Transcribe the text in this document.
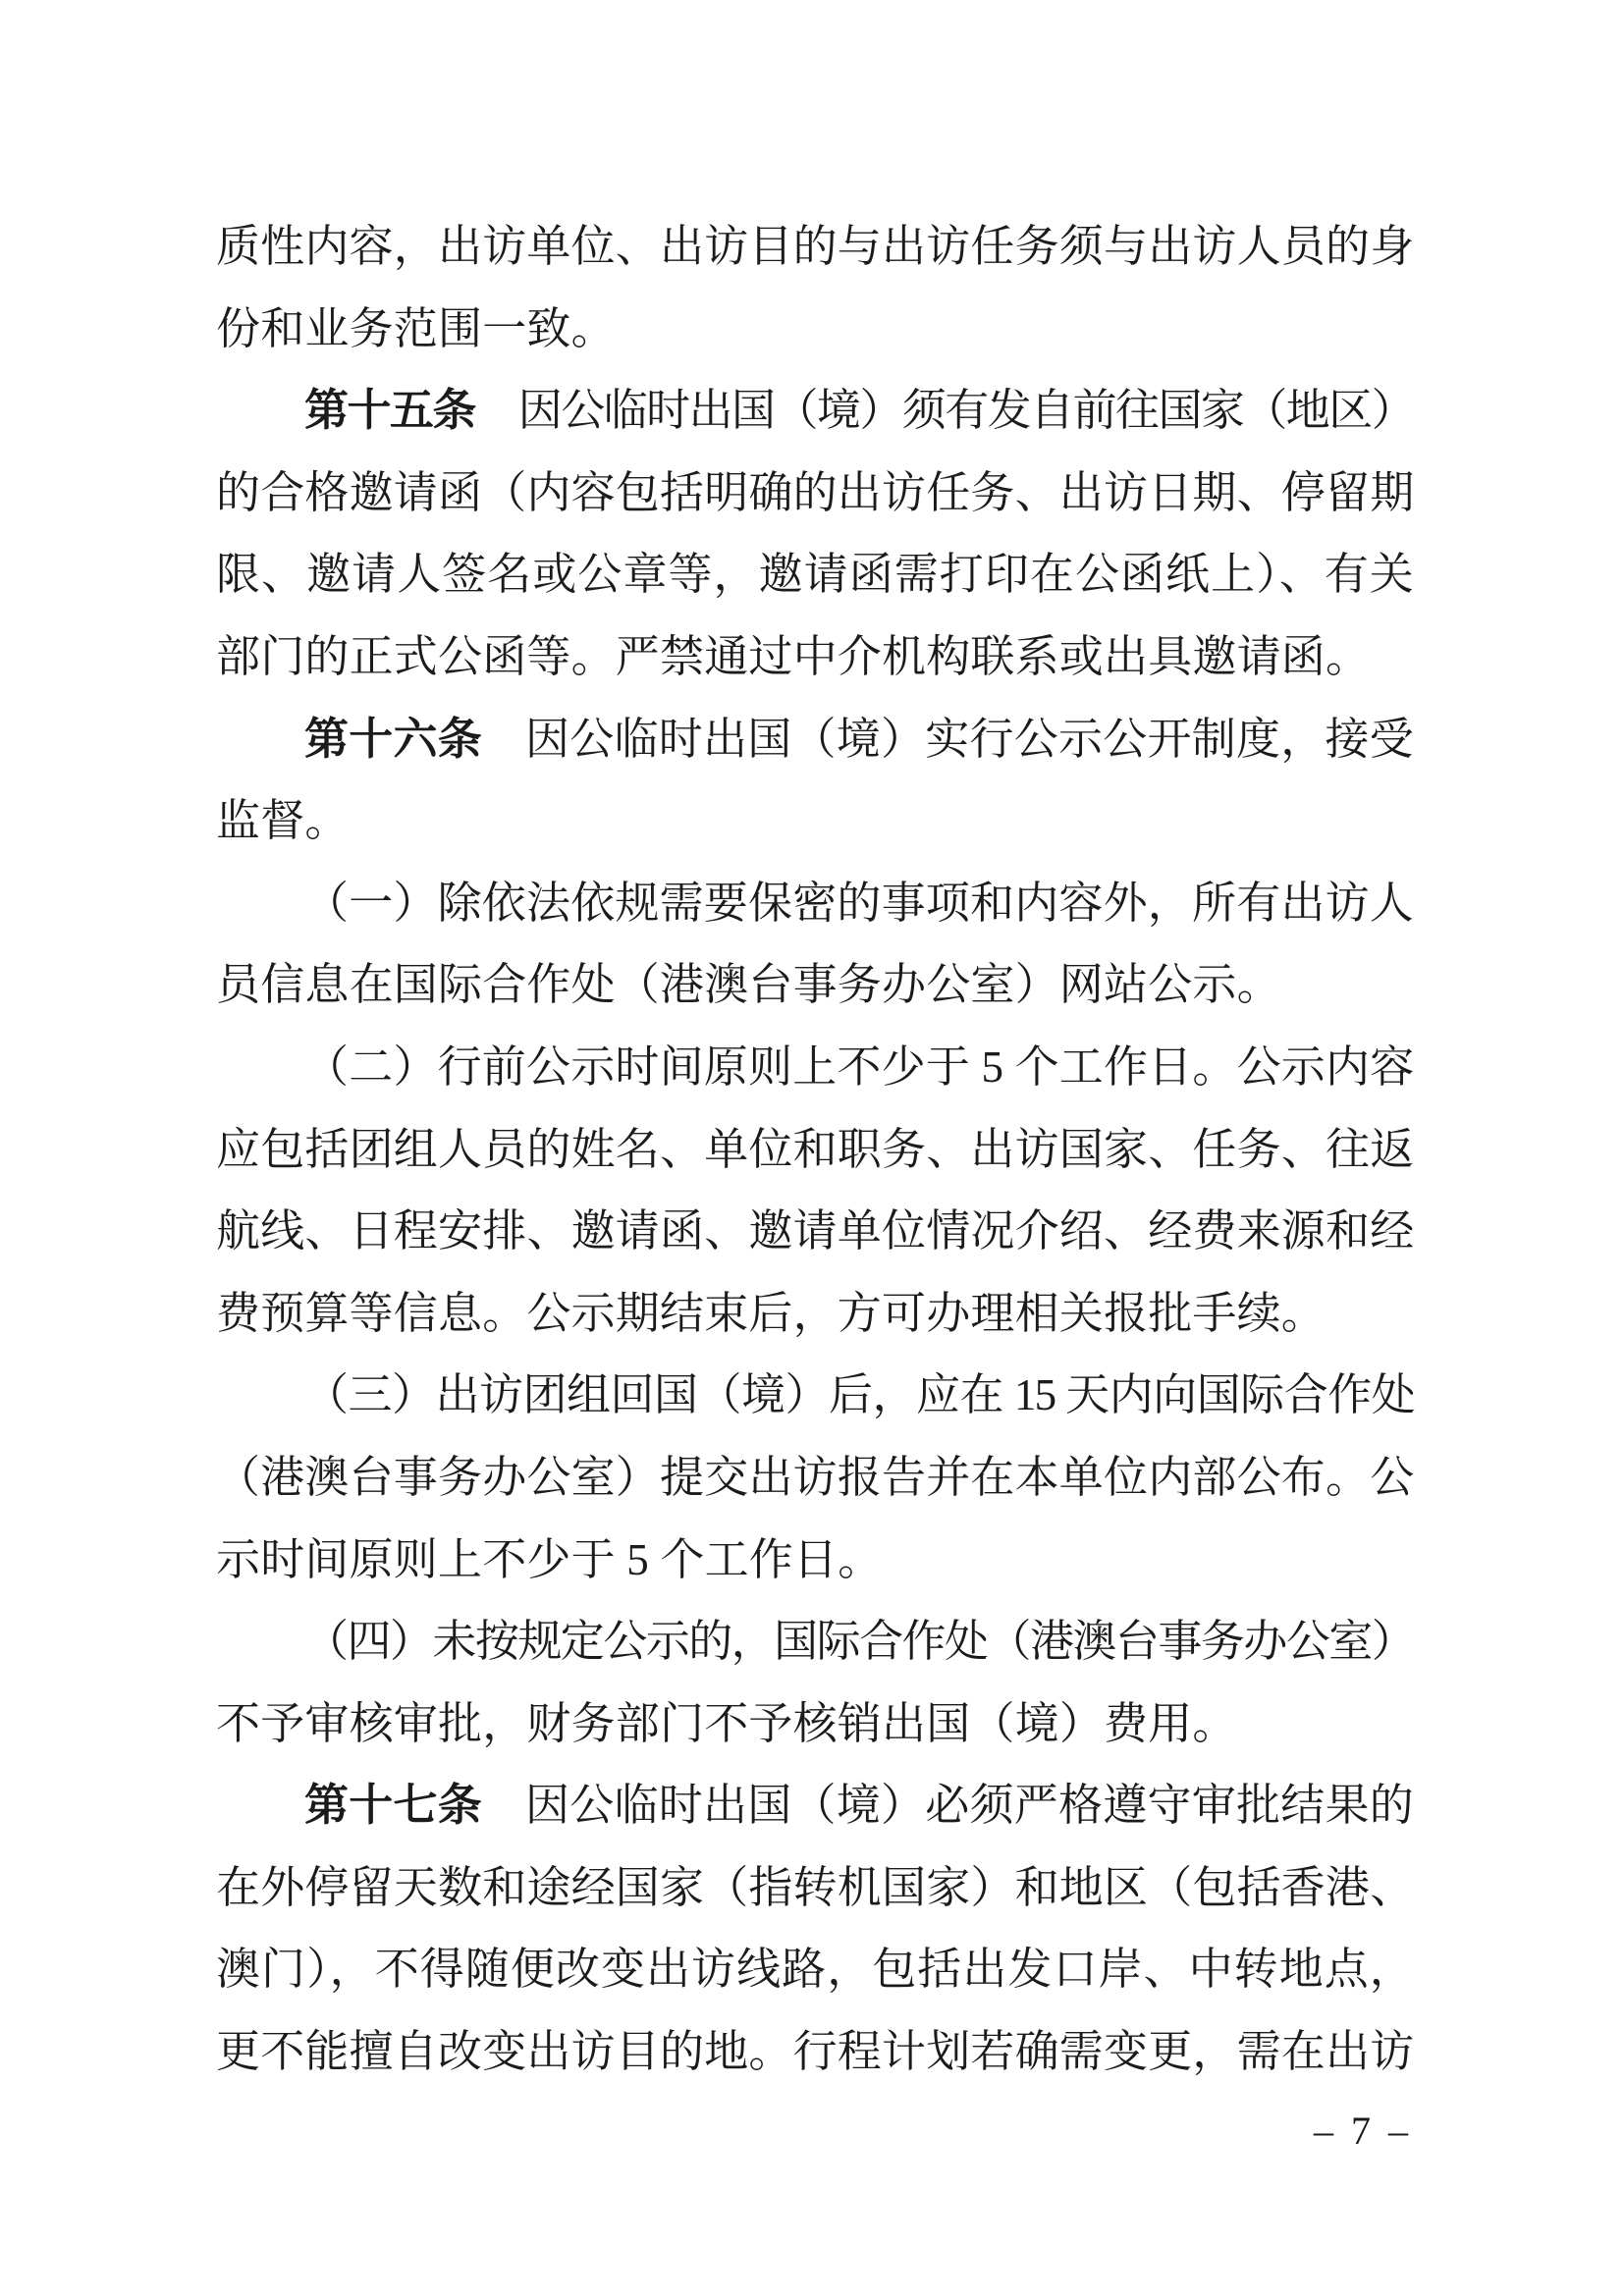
质性内容，出访单位、出访目的与出访任务须与出访人员的身
份和业务范围一致。
第十五条 因公临时出国（境）须有发自前往国家（地区）
的合格邀请函（内容包括明确的出访任务、出访日期、停留期
限、邀请人签名或公章等，邀请函需打印在公函纸上）、有关
部门的正式公函等。严禁通过中介机构联系或出具邀请函。
第十六条 因公临时出国（境）实行公示公开制度，接受
监督。
（一）除依法依规需要保密的事项和内容外，所有出访人
员信息在国际合作处（港澳台事务办公室）网站公示。
（二）行前公示时间原则上不少于 5 个工作日。公示内容
应包括团组人员的姓名、单位和职务、出访国家、任务、往返
航线、日程安排、邀请函、邀请单位情况介绍、经费来源和经
费预算等信息。公示期结束后，方可办理相关报批手续。
（三）出访团组回国（境）后，应在 15 天内向国际合作处
（港澳台事务办公室）提交出访报告并在本单位内部公布。公
示时间原则上不少于 5 个工作日。
（四）未按规定公示的，国际合作处（港澳台事务办公室）
不予审核审批，财务部门不予核销出国（境）费用。
第十七条 因公临时出国（境）必须严格遵守审批结果的
在外停留天数和途经国家（指转机国家）和地区（包括香港、
澳门），不得随便改变出访线路，包括出发口岸、中转地点，
更不能擅自改变出访目的地。行程计划若确需变更，需在出访
– 7 –
